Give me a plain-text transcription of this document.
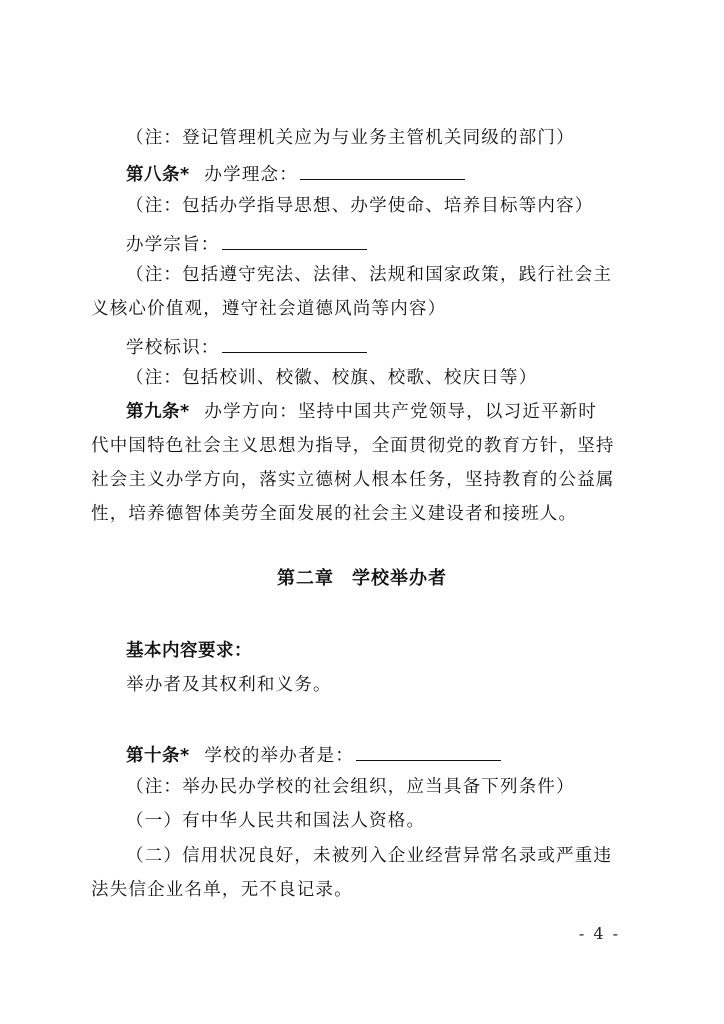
（注：登记管理机关应为与业务主管机关同级的部门）
第八条* 办学理念：
（注：包括办学指导思想、办学使命、培养目标等内容）
办学宗旨：
（注：包括遵守宪法、法律、法规和国家政策，践行社会主
义核心价值观，遵守社会道德风尚等内容）
学校标识：
（注：包括校训、校徽、校旗、校歌、校庆日等）
第九条* 办学方向：坚持中国共产党领导，以习近平新时
代中国特色社会主义思想为指导，全面贯彻党的教育方针，坚持
社会主义办学方向，落实立德树人根本任务，坚持教育的公益属
性，培养德智体美劳全面发展的社会主义建设者和接班人。
第二章 学校举办者
基本内容要求：
举办者及其权利和义务。
第十条* 学校的举办者是：
（注：举办民办学校的社会组织，应当具备下列条件）
（一）有中华人民共和国法人资格。
（二）信用状况良好，未被列入企业经营异常名录或严重违
法失信企业名单，无不良记录。
- 4 -
